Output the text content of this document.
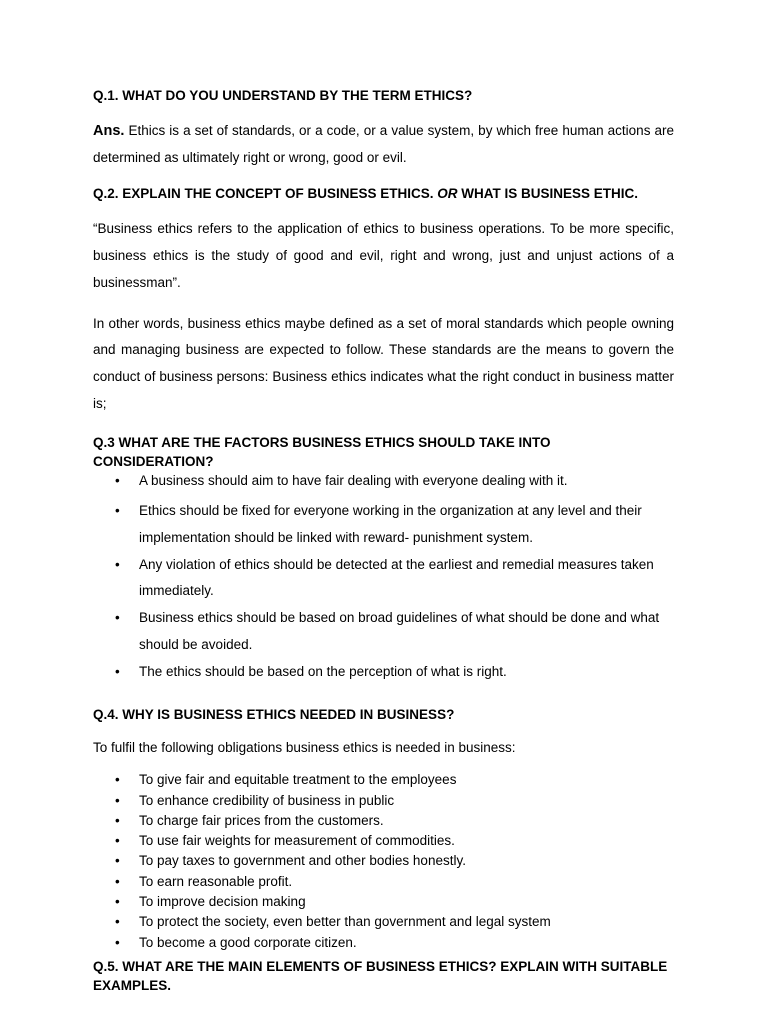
Q.1. WHAT DO YOU UNDERSTAND BY THE TERM ETHICS?

Ans. Ethics is a set of standards, or a code, or a value system, by which free human actions are determined as ultimately right or wrong, good or evil.

Q.2. EXPLAIN THE CONCEPT OF BUSINESS ETHICS. OR WHAT IS BUSINESS ETHIC.

“Business ethics refers to the application of ethics to business operations. To be more specific, business ethics is the study of good and evil, right and wrong, just and unjust actions of a businessman”.

In other words, business ethics maybe defined as a set of moral standards which people owning and managing business are expected to follow. These standards are the means to govern the conduct of business persons: Business ethics indicates what the right conduct in business matter is;

Q.3 WHAT ARE THE FACTORS BUSINESS ETHICS SHOULD TAKE INTO CONSIDERATION?

• A business should aim to have fair dealing with everyone dealing with it.
• Ethics should be fixed for everyone working in the organization at any level and their implementation should be linked with reward- punishment system.
• Any violation of ethics should be detected at the earliest and remedial measures taken immediately.
• Business ethics should be based on broad guidelines of what should be done and what should be avoided.
• The ethics should be based on the perception of what is right.

Q.4. WHY IS BUSINESS ETHICS NEEDED IN BUSINESS?

To fulfil the following obligations business ethics is needed in business:

• To give fair and equitable treatment to the employees
• To enhance credibility of business in public
• To charge fair prices from the customers.
• To use fair weights for measurement of commodities.
• To pay taxes to government and other bodies honestly.
• To earn reasonable profit.
• To improve decision making
• To protect the society, even better than government and legal system
• To become a good corporate citizen.

Q.5. WHAT ARE THE MAIN ELEMENTS OF BUSINESS ETHICS? EXPLAIN WITH SUITABLE EXAMPLES.
